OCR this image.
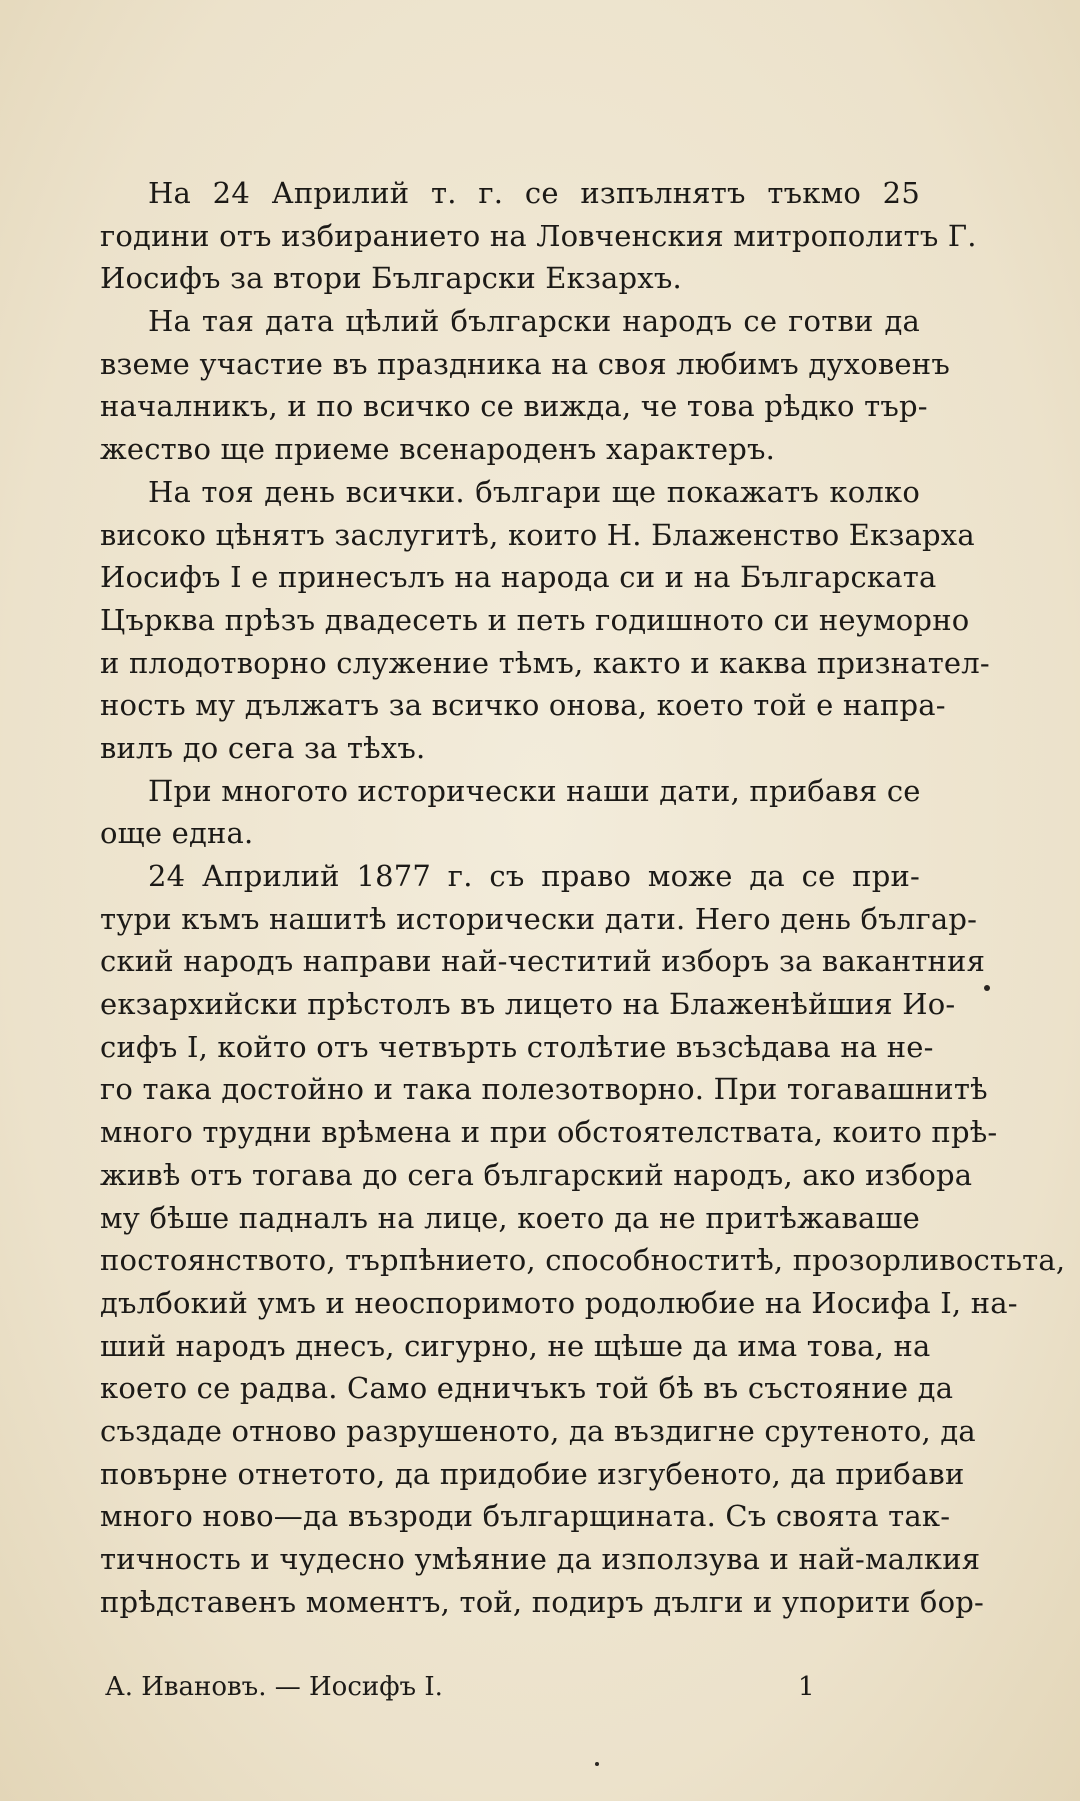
На 24 Априлий т. г. се изпълнятъ тъкмо 25
години отъ избиранието на Ловченския митрополитъ Г.
Иосифъ за втори Български Екзархъ.
На тая дата цѣлий български народъ се готви да
вземе участие въ праздника на своя любимъ духовенъ
началникъ, и по всичко се вижда, че това рѣдко тър-
жество ще приеме всенароденъ характеръ.
На тоя день всички. българи ще покажатъ колко
високо цѣнятъ заслугитѣ, които Н. Блаженство Екзарха
Иосифъ I е принесълъ на народа си и на Българската
Църква прѣзъ двадесеть и петь годишното си неуморно
и плодотворно служение тѣмъ, както и каква признател-
ность му дължатъ за всичко онова, което той е напра-
вилъ до сега за тѣхъ.
При многото исторически наши дати, прибавя се
още една.
24 Априлий 1877 г. съ право може да се при-
тури къмъ нашитѣ исторически дати. Него день българ-
ский народъ направи най-честитий изборъ за вакантния
екзархийски прѣстолъ въ лицето на Блаженѣйшия Ио-
сифъ I, който отъ четвърть столѣтие възсѣдава на не-
го така достойно и така полезотворно. При тогавашнитѣ
много трудни врѣмена и при обстоятелствата, които прѣ-
живѣ отъ тогава до сега българский народъ, ако избора
му бѣше падналъ на лице, което да не притѣжаваше
постоянството, търпѣнието, способноститѣ, прозорливостьта,
дълбокий умъ и неоспоримото родолюбие на Иосифа I, на-
ший народъ днесъ, сигурно, не щѣше да има това, на
което се радва. Само едничъкъ той бѣ въ състояние да
създаде отново разрушеното, да въздигне срутеното, да
повърне отнетото, да придобие изгубеното, да прибави
много ново—да възроди българщината. Съ своята так-
тичность и чудесно умѣяние да използува и най-малкия
прѣдставенъ моментъ, той, подиръ дълги и упорити бор-
А. Ивановъ. — Иосифъ I.	1
